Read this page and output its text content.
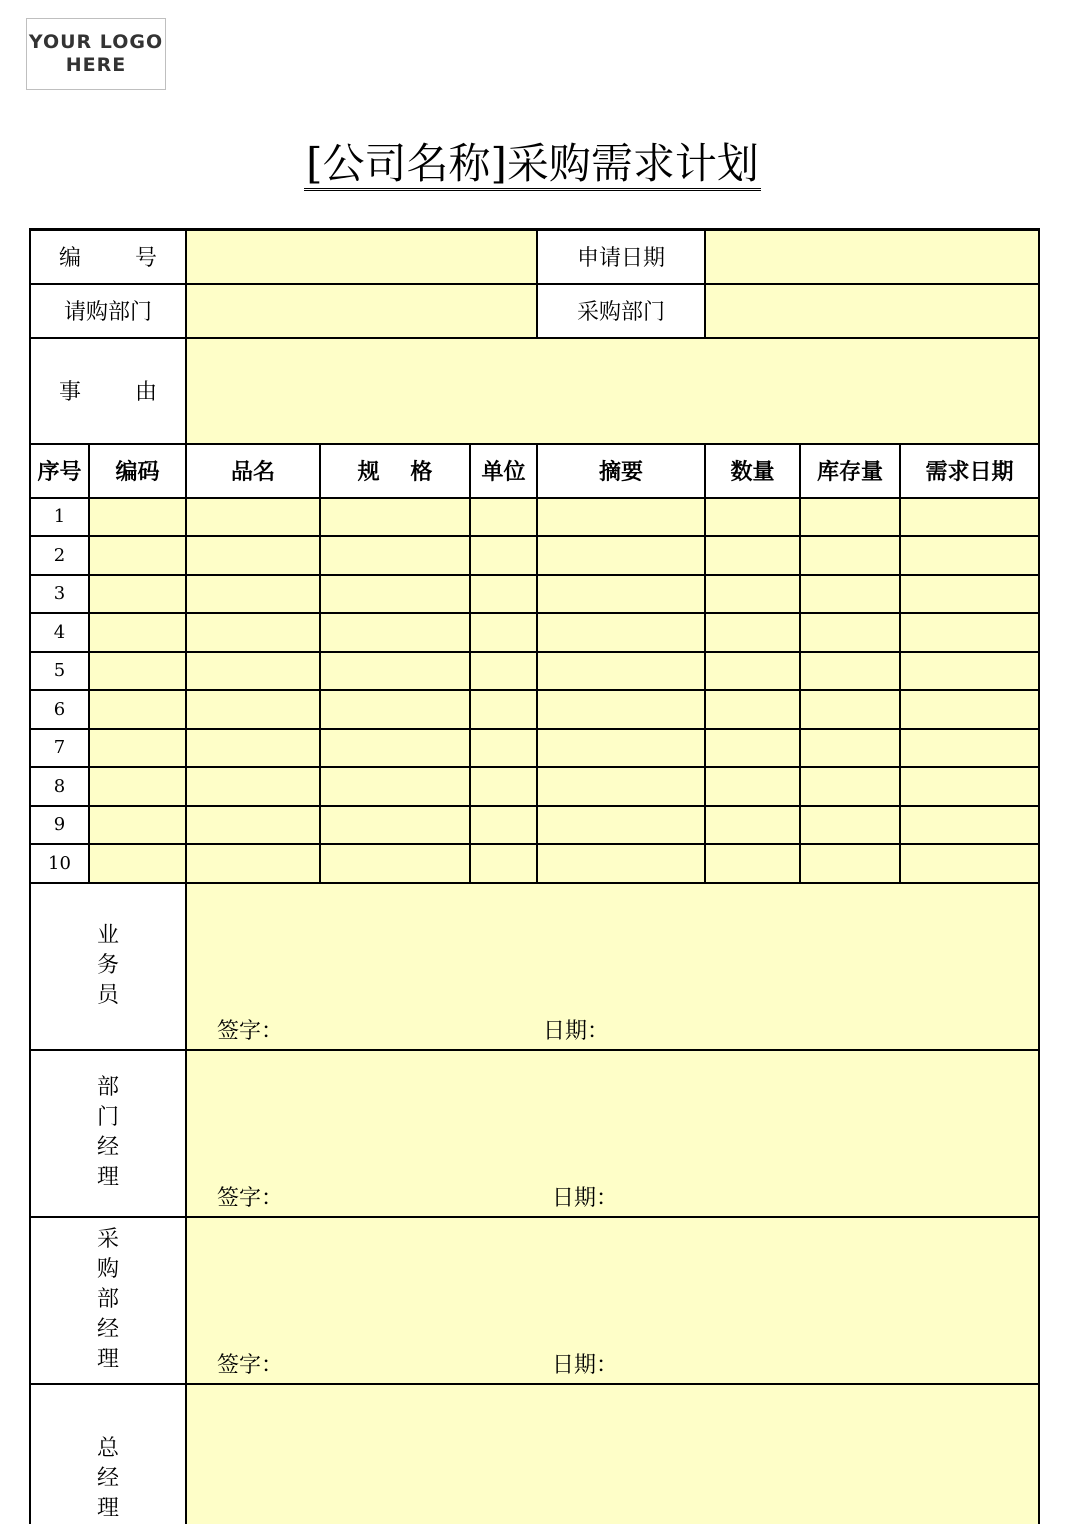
YOUR LOGO
HERE
[公司名称]采购需求计划
编 号					申请日期			
请购部门					采购部门			

事 由								

序号	编码	品名	规 格	单位	摘要	数量	库存量	需求日期
1								
2								
3								
4								
5								
6								
7								
8								
9								
10								
业务员		签字： 日期：						

部门经理		签字： 日期：						

采购部经理		签字： 日期：						

总经理								
